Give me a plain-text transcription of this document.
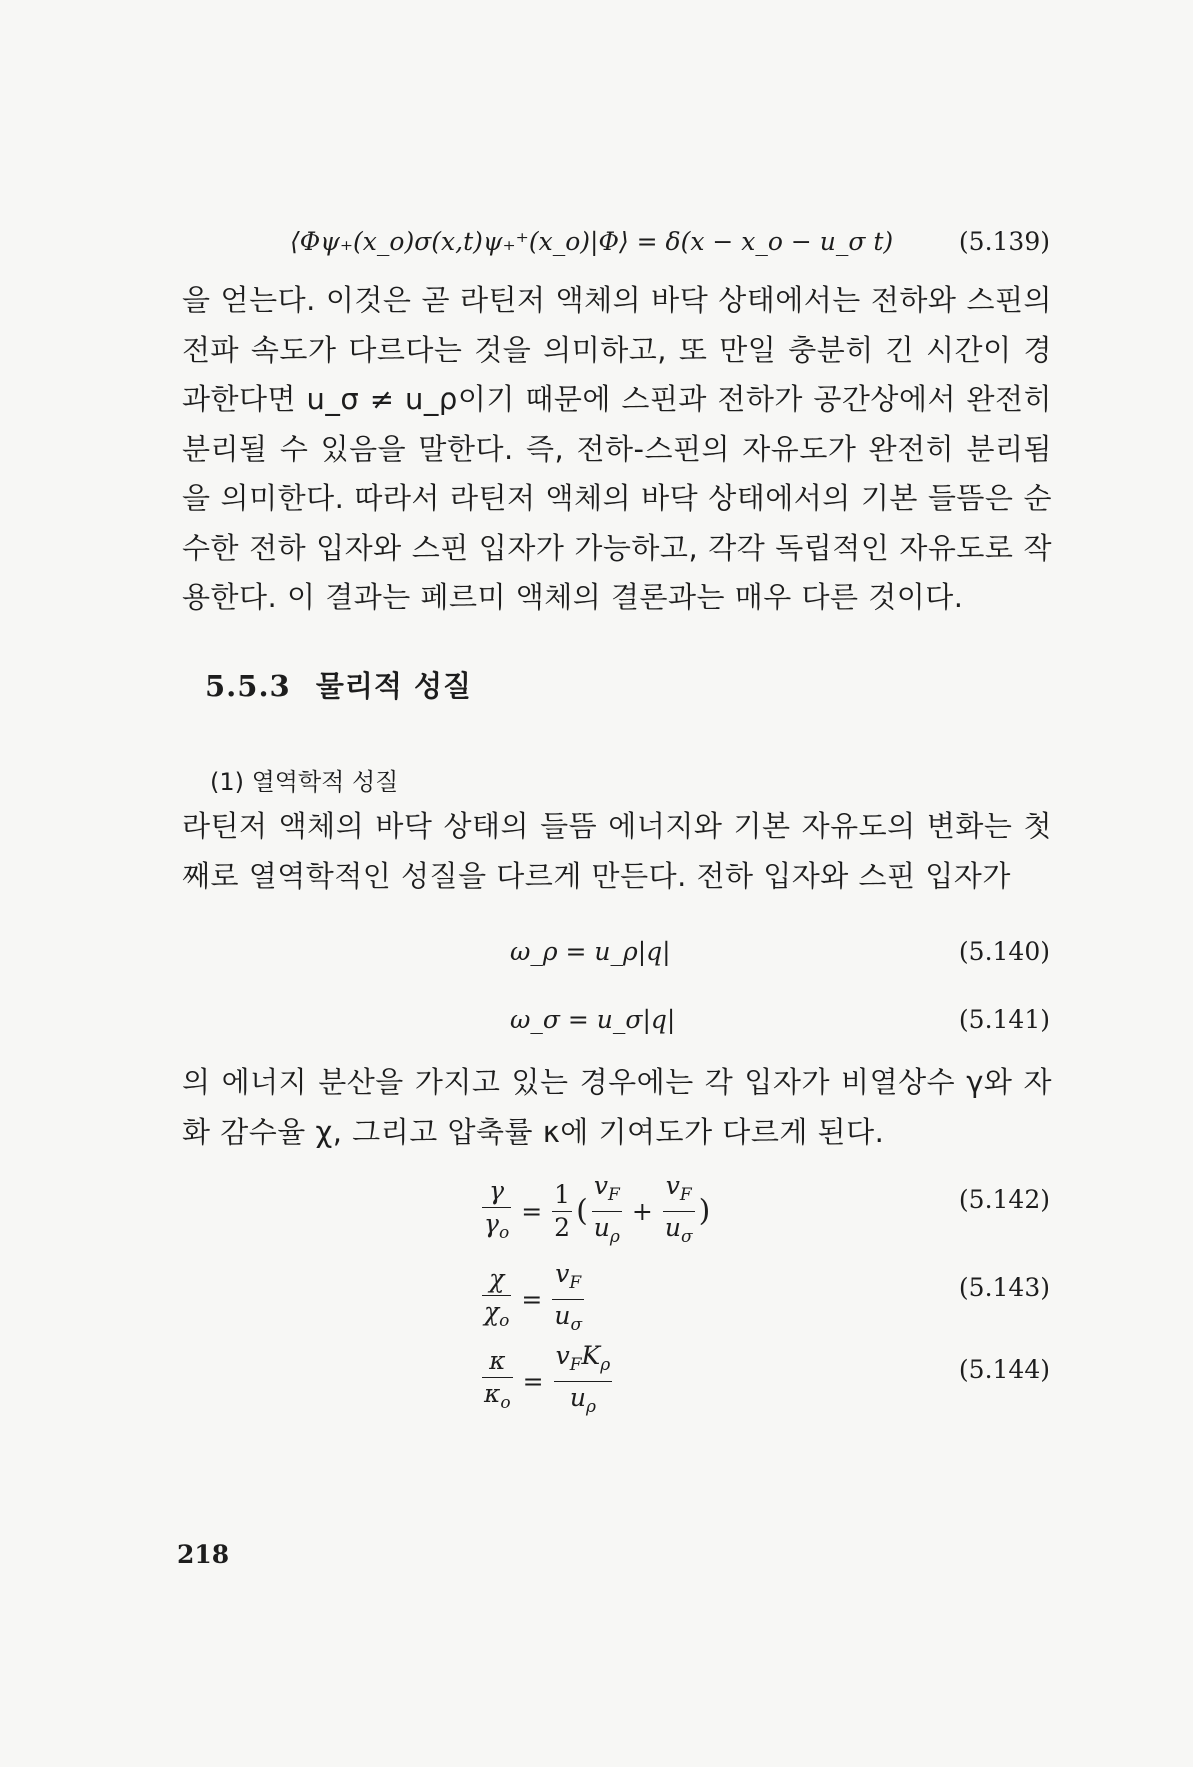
⟨Φψ₊(x_o)σ(x,t)ψ₊⁺(x_o)|Φ⟩ = δ(x − x_o − u_σ t)	(5.139)
을 얻는다. 이것은 곧 라틴저 액체의 바닥 상태에서는 전하와 스핀의 전파 속도가 다르다는 것을 의미하고, 또 만일 충분히 긴 시간이 경과한다면 u_σ ≠ u_ρ이기 때문에 스핀과 전하가 공간상에서 완전히 분리될 수 있음을 말한다. 즉, 전하-스핀의 자유도가 완전히 분리됨을 의미한다. 따라서 라틴저 액체의 바닥 상태에서의 기본 들뜸은 순수한 전하 입자와 스핀 입자가 가능하고, 각각 독립적인 자유도로 작용한다. 이 결과는 페르미 액체의 결론과는 매우 다른 것이다.
5.5.3 물리적 성질
(1) 열역학적 성질
라틴저 액체의 바닥 상태의 들뜸 에너지와 기본 자유도의 변화는 첫째로 열역학적인 성질을 다르게 만든다. 전하 입자와 스핀 입자가
ω_ρ = u_ρ|q|	(5.140)
ω_σ = u_σ|q|	(5.141)
의 에너지 분산을 가지고 있는 경우에는 각 입자가 비열상수 γ와 자화 감수율 χ, 그리고 압축률 κ에 기여도가 다르게 된다.
$\frac{\gamma}{\gamma_o} = \frac{1}{2}$ ( $\frac{v_F}{u_\rho} + \frac{v_F}{u_\sigma}$ )	(5.142)
$\frac{\chi}{\chi_o} = \frac{v_F}{u_\sigma}$	(5.143)
$\frac{\kappa}{\kappa_o} = \frac{v_FK_\rho}{u_\rho}$	(5.144)
218
